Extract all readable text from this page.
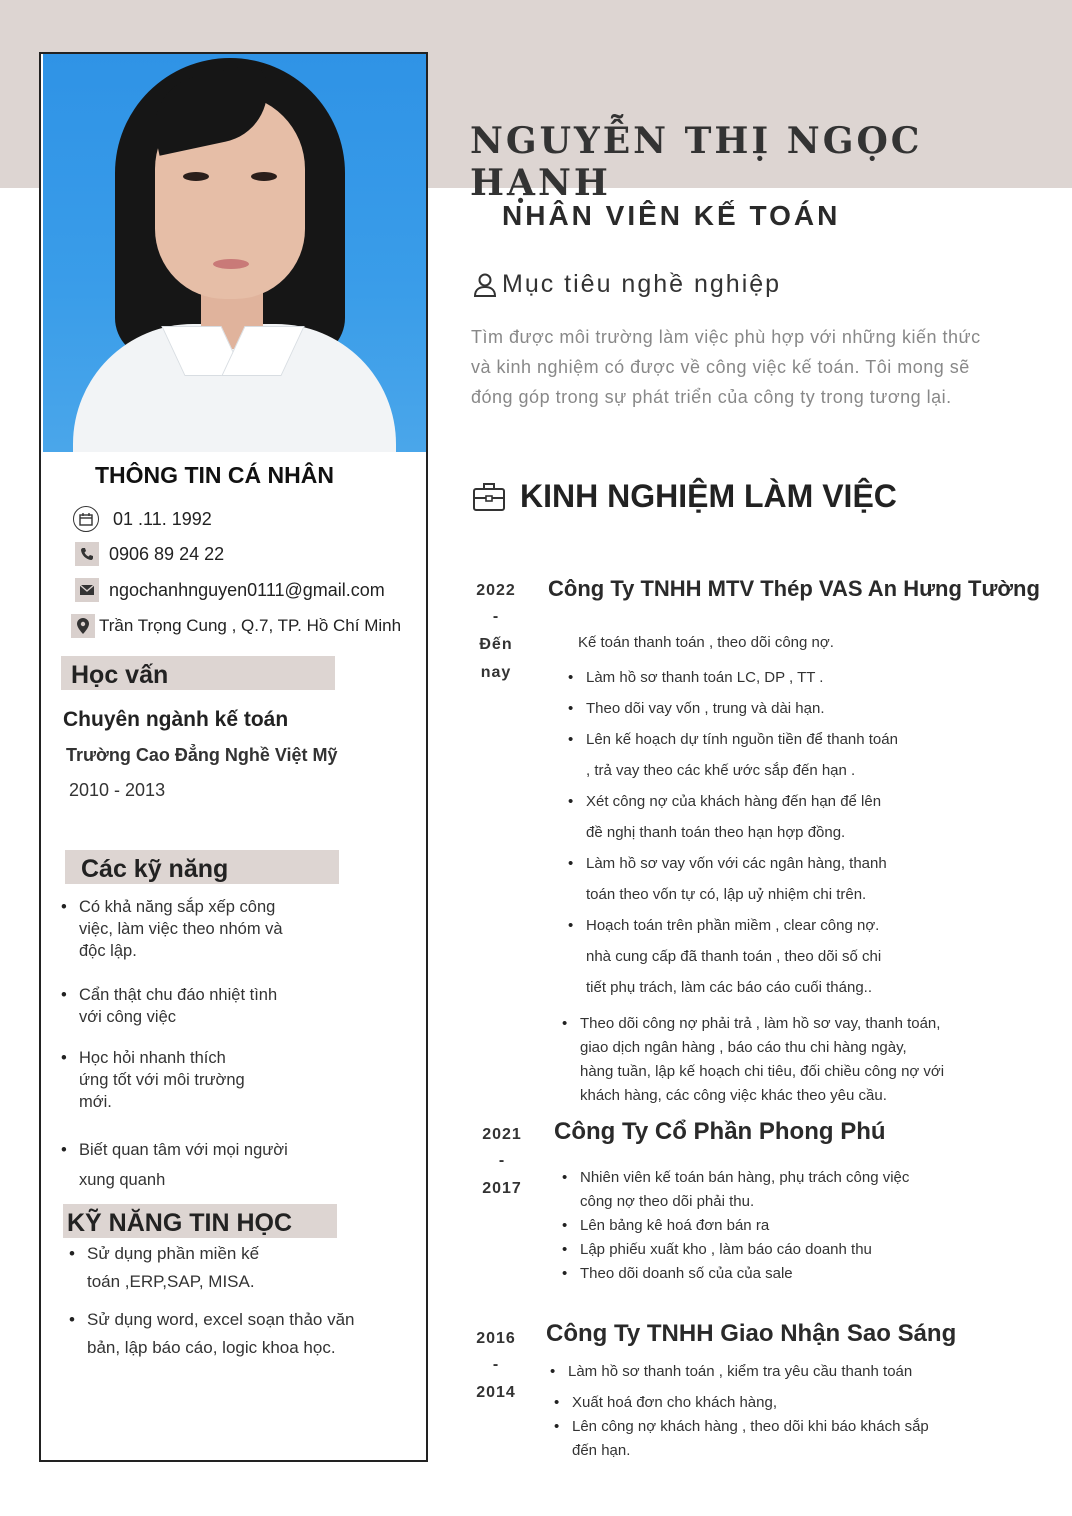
THÔNG TIN CÁ NHÂN
01 .11. 1992
0906 89 24 22
ngochanhnguyen0111@gmail.com
Trần Trọng Cung , Q.7, TP. Hồ Chí Minh
Học vấn
Chuyên ngành kế toán
Trường Cao Đẳng Nghề Việt Mỹ
2010 - 2013
Các kỹ năng
• Có khả năng sắp xếp công
việc, làm việc theo nhóm và
độc lập.
• Cẩn thật chu đáo nhiệt tình
với công việc
• Học hỏi nhanh thích
ứng tốt với môi trường
mới.
• Biết quan tâm với mọi người
xung quanh
KỸ NĂNG TIN HỌC
• Sử dụng phần miền kế
toán ,ERP,SAP, MISA.
• Sử dụng word, excel soạn thảo văn
bản, lập báo cáo, logic khoa học.
NGUYỄN THỊ NGỌC HẠNH
NHÂN VIÊN KẾ TOÁN
Mục tiêu nghề nghiệp
Tìm được môi trường làm việc phù hợp với những kiến thức
và kinh nghiệm có được về công việc kế toán. Tôi mong sẽ
đóng góp trong sự phát triển của công ty trong tương lại.
KINH NGHIỆM LÀM VIỆC
2022
-
Đến
nay
Công Ty TNHH MTV Thép VAS An Hưng Tường
Kế toán thanh toán , theo dõi công nợ.
• Làm hồ sơ thanh toán LC, DP , TT .
• Theo dõi vay vốn , trung và dài hạn.
• Lên kế hoạch dự tính nguồn tiền để thanh toán
, trả vay theo các khế ước sắp đến hạn .
• Xét công nợ của khách hàng đến hạn để lên
đề nghị thanh toán theo hạn hợp đồng.
• Làm hồ sơ vay vốn với các ngân hàng, thanh
toán theo vốn tự có, lập uỷ nhiệm chi trên.
• Hoạch toán trên phần miềm , clear công nợ.
nhà cung cấp đã thanh toán , theo dõi số chi
tiết phụ trách, làm các báo cáo cuối tháng..
• Theo dõi công nợ phải trả , làm hồ sơ vay, thanh toán,
giao dịch ngân hàng , báo cáo thu chi hàng ngày,
hàng tuần, lập kế hoạch chi tiêu, đối chiều công nợ với
khách hàng, các công việc khác theo yêu cầu.
2021
-
2017
Công Ty Cổ Phần Phong Phú
• Nhiên viên kế toán bán hàng, phụ trách công việc
công nợ theo dõi phải thu.
• Lên bảng kê hoá đơn bán ra
• Lập phiếu xuất kho , làm báo cáo doanh thu
• Theo dõi doanh số của của sale
2016
-
2014
Công Ty TNHH Giao Nhận Sao Sáng
• Làm hồ sơ thanh toán , kiểm tra yêu cầu thanh toán
• Xuất hoá đơn cho khách hàng,
• Lên công nợ khách hàng , theo dõi khi báo khách sắp
đến hạn.
